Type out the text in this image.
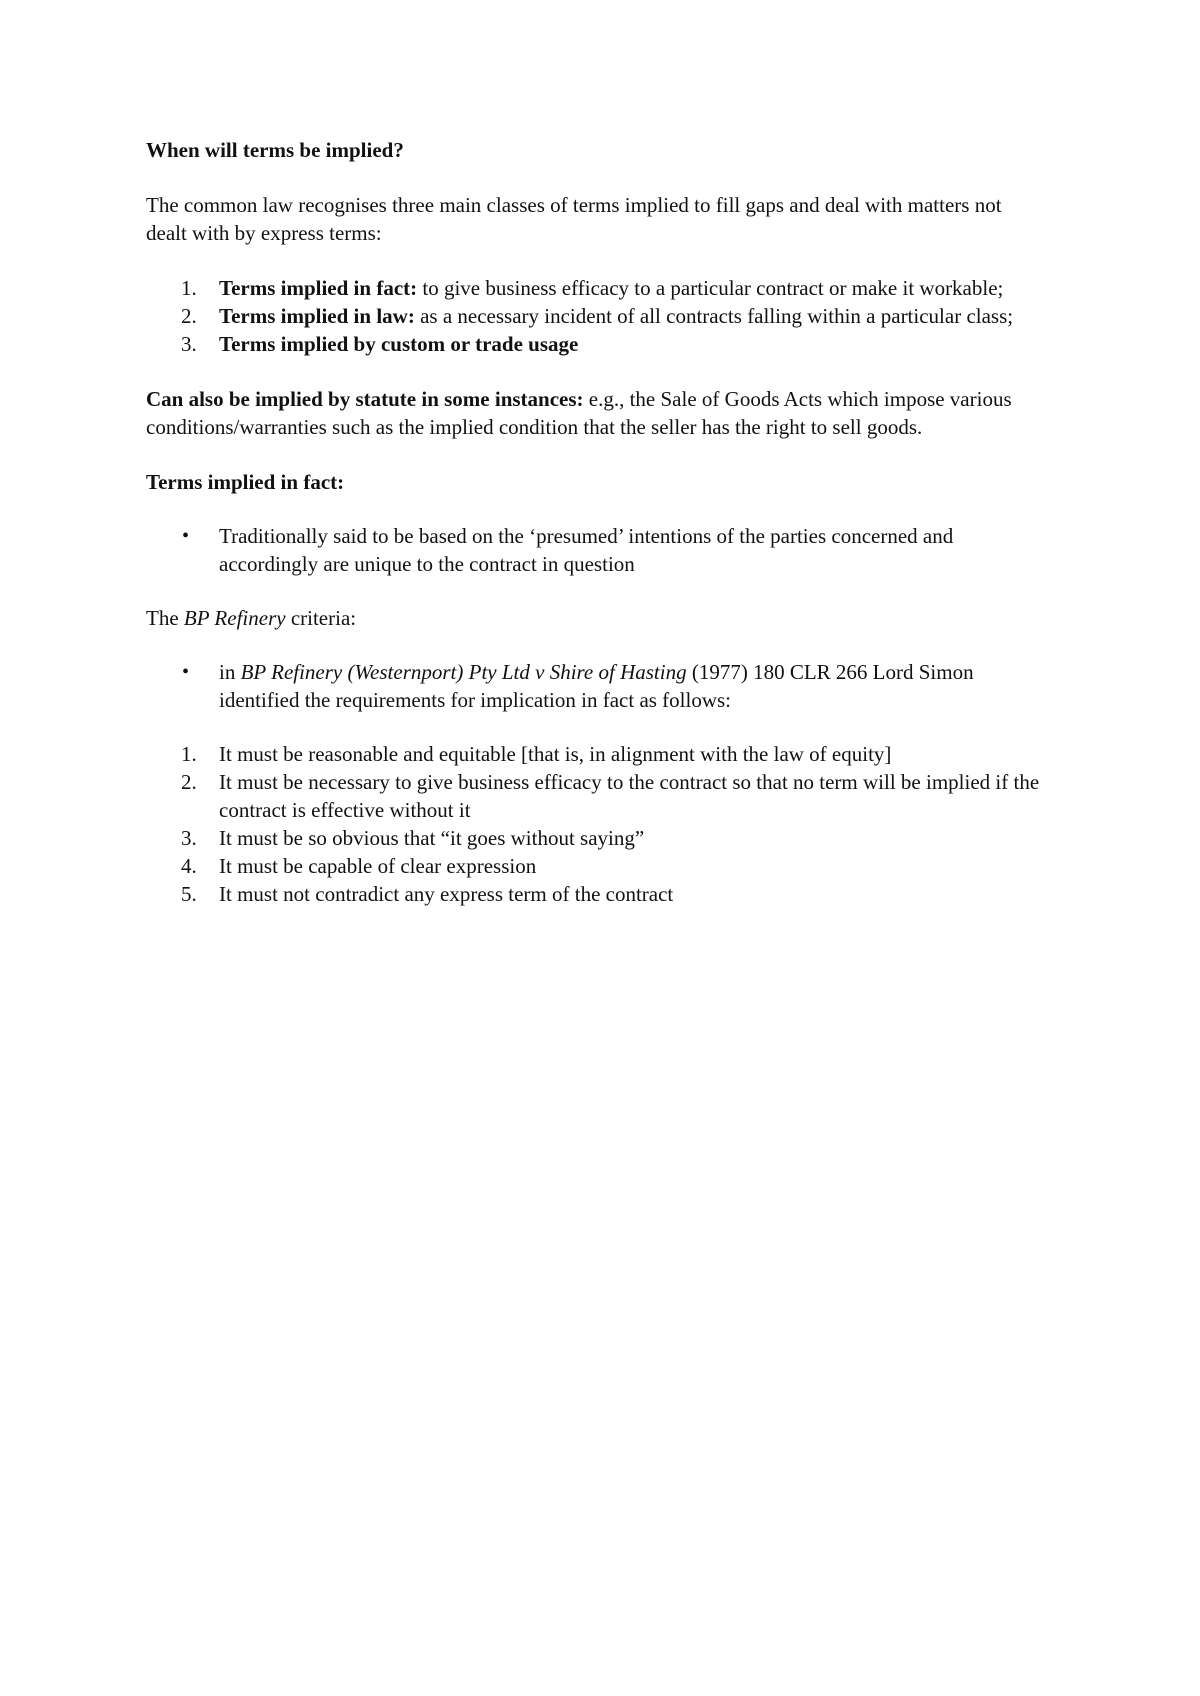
When will terms be implied?

The common law recognises three main classes of terms implied to fill gaps and deal with matters not dealt with by express terms:

1. Terms implied in fact: to give business efficacy to a particular contract or make it workable;
2. Terms implied in law: as a necessary incident of all contracts falling within a particular class;
3. Terms implied by custom or trade usage

Can also be implied by statute in some instances: e.g., the Sale of Goods Acts which impose various conditions/warranties such as the implied condition that the seller has the right to sell goods.

Terms implied in fact:

• Traditionally said to be based on the ‘presumed’ intentions of the parties concerned and accordingly are unique to the contract in question

The BP Refinery criteria:

• in BP Refinery (Westernport) Pty Ltd v Shire of Hasting (1977) 180 CLR 266 Lord Simon identified the requirements for implication in fact as follows:
1. It must be reasonable and equitable [that is, in alignment with the law of equity]
2. It must be necessary to give business efficacy to the contract so that no term will be implied if the contract is effective without it
3. It must be so obvious that “it goes without saying”
4. It must be capable of clear expression
5. It must not contradict any express term of the contract
